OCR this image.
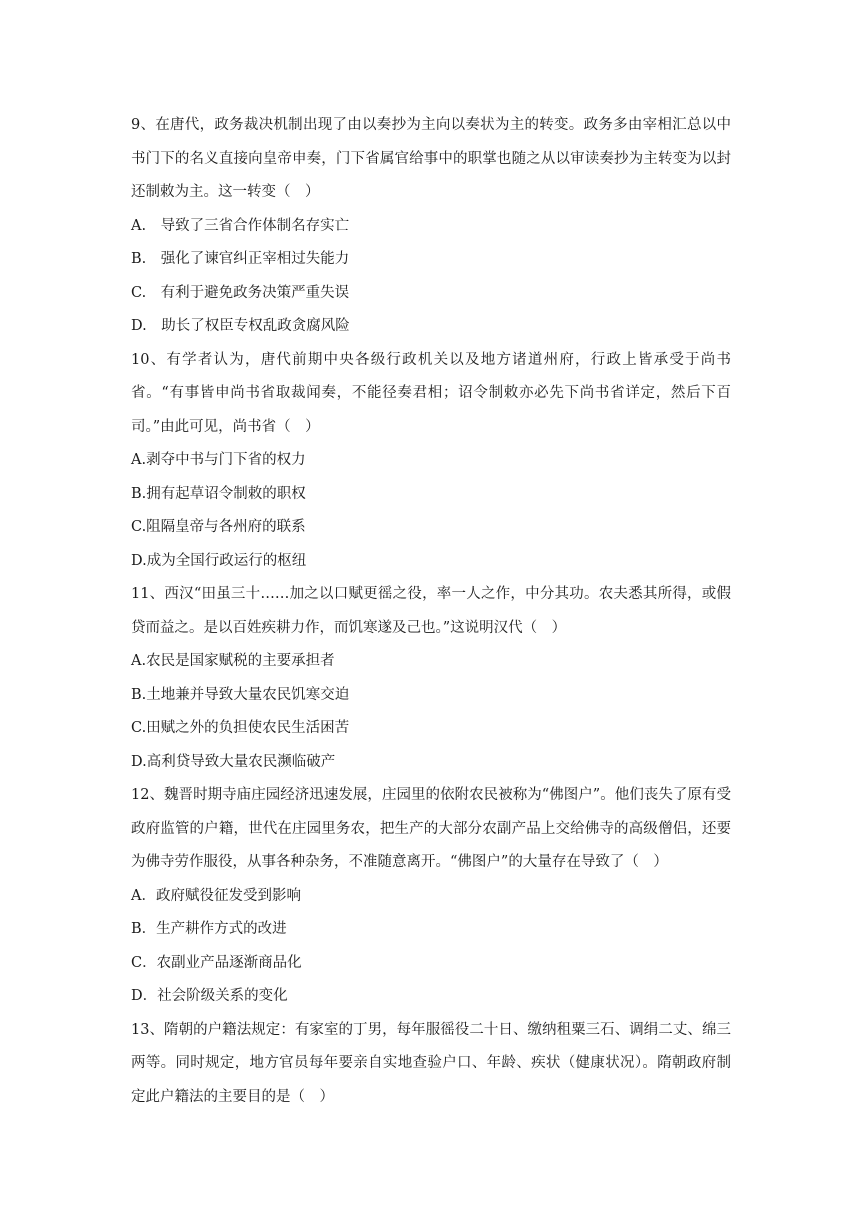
9、在唐代，政务裁决机制出现了由以奏抄为主向以奏状为主的转变。政务多由宰相汇总以中书门下的名义直接向皇帝申奏，门下省属官给事中的职掌也随之从以审读奏抄为主转变为以封还制敕为主。这一转变（　）

A.　导致了三省合作体制名存实亡

B.　强化了谏官纠正宰相过失能力

C.　有利于避免政务决策严重失误

D.　助长了权臣专权乱政贪腐风险

10、有学者认为，唐代前期中央各级行政机关以及地方诸道州府，行政上皆承受于尚书省。“有事皆申尚书省取裁闻奏，不能径奏君相；诏令制敕亦必先下尚书省详定，然后下百司。”由此可见，尚书省（　）

A.剥夺中书与门下省的权力

B.拥有起草诏令制敕的职权

C.阻隔皇帝与各州府的联系

D.成为全国行政运行的枢纽

11、西汉“田虽三十……加之以口赋更徭之役，率一人之作，中分其功。农夫悉其所得，或假贷而益之。是以百姓疾耕力作，而饥寒遂及己也。”这说明汉代（　）

A.农民是国家赋税的主要承担者

B.土地兼并导致大量农民饥寒交迫

C.田赋之外的负担使农民生活困苦

D.高利贷导致大量农民濒临破产

12、魏晋时期寺庙庄园经济迅速发展，庄园里的依附农民被称为“佛图户”。他们丧失了原有受政府监管的户籍，世代在庄园里务农，把生产的大部分农副产品上交给佛寺的高级僧侣，还要为佛寺劳作服役，从事各种杂务，不准随意离开。“佛图户”的大量存在导致了（　）

A．政府赋役征发受到影响

B．生产耕作方式的改进

C．农副业产品逐渐商品化

D．社会阶级关系的变化

13、隋朝的户籍法规定：有家室的丁男，每年服徭役二十日、缴纳租粟三石、调绢二丈、绵三两等。同时规定，地方官员每年要亲自实地查验户口、年龄、疾状（健康状况）。隋朝政府制定此户籍法的主要目的是（　）
